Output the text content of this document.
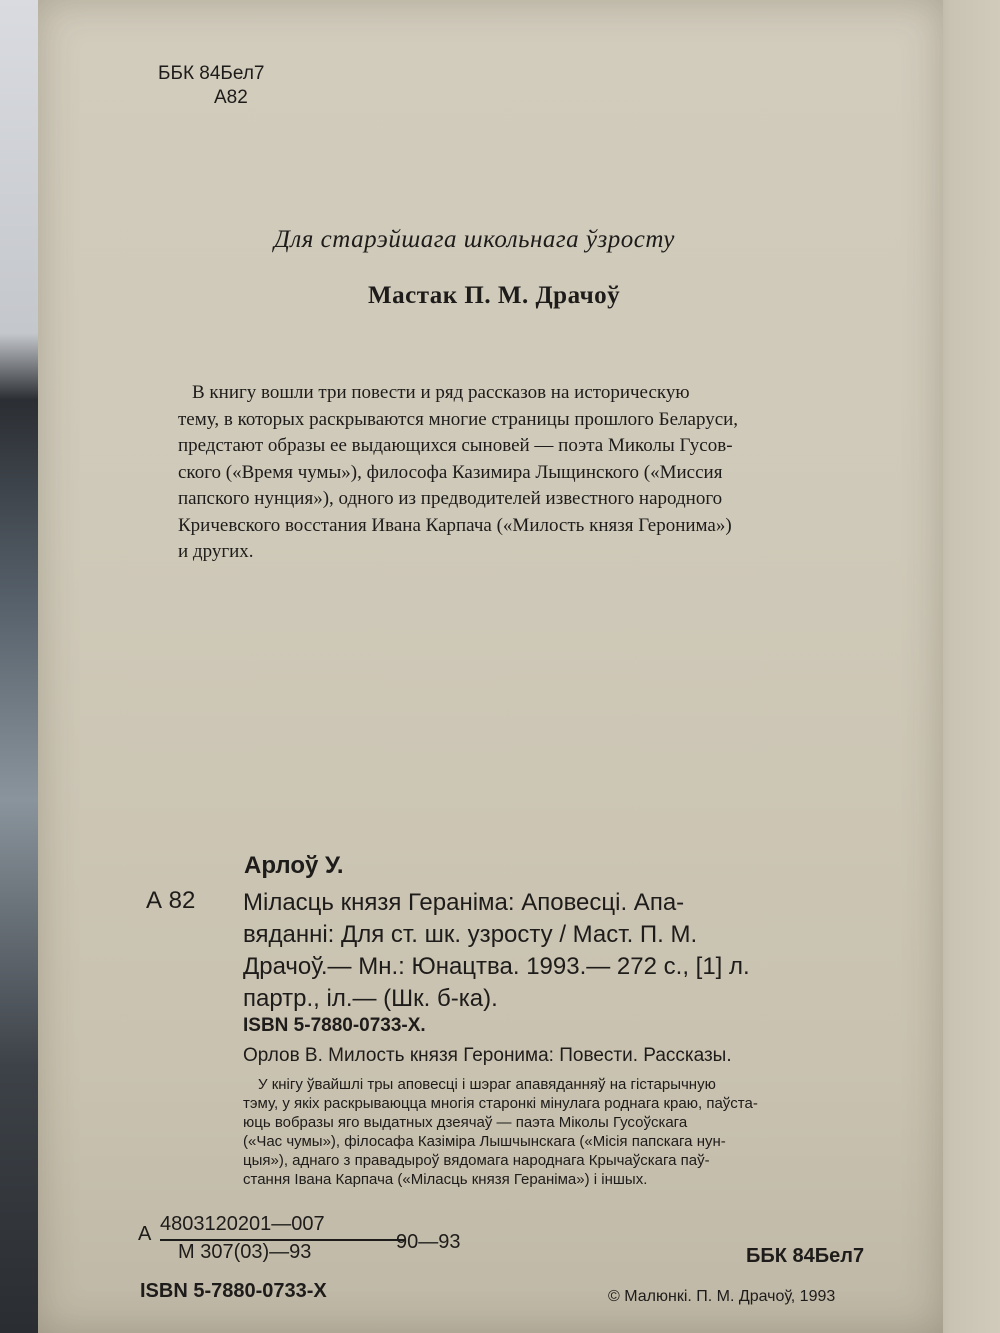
ББК 84Бел7
А82
Для старэйшага школьнага ўзросту
Мастак П. М. Драчоў
В книгу вошли три повести и ряд рассказов на историческую
тему, в которых раскрываются многие страницы прошлого Беларуси,
предстают образы ее выдающихся сыновей — поэта Миколы Гусов-
ского («Время чумы»), философа Казимира Лыщинского («Миссия
папского нунция»), одного из предводителей известного народного
Кричевского восстания Ивана Карпача («Милость князя Геронима»)
и других.
Арлоў У.
А 82 Міласць князя Гераніма: Аповесці. Апа-
вяданні: Для ст. шк. узросту / Маст. П. М.
Драчоў.— Мн.: Юнацтва. 1993.— 272 с., [1] л.
партр., іл.— (Шк. б-ка).
ISBN 5-7880-0733-Х.
Орлов В. Милость князя Геронима: Повести. Рассказы.
У кнігу ўвайшлі тры аповесці і шэраг апавяданняў на гістарычную
тэму, у якіх раскрываюцца многія старонкі мінулага роднага краю, паўста-
юць вобразы яго выдатных дзеячаў — паэта Міколы Гусоўскага
(«Час чумы»), філосафа Казіміра Лышчынскага («Місія папскага нун-
цыя»), аднаго з правадыроў вядомага народнага Крычаўскага паў-
стання Івана Карпача («Міласць князя Гераніма») і іншых.
А 4803120201—007
М 307(03)—93	90—93
ISBN 5-7880-0733-Х
ББК 84Бел7
© Малюнкі. П. М. Драчоў, 1993
